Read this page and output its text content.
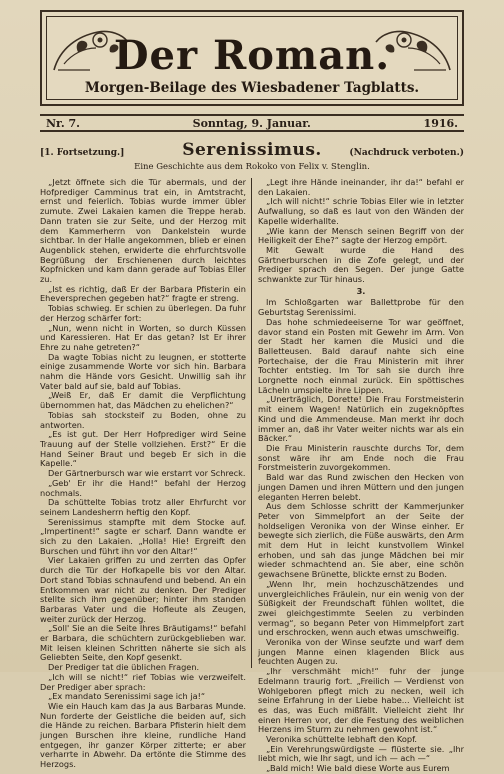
Der Roman.
Morgen-Beilage des Wiesbadener Tagblatts.
Nr. 7.	Sonntag, 9. Januar.	1916.
[1. Fortsetzung.]	(Nachdruck verboten.)
Serenissimus.
Eine Geschichte aus dem Rokoko von Felix v. Stenglin.

„Jetzt öffnete sich die Tür abermals, und der Hofprediger Camminus trat ein, in Amtstracht, ernst und feierlich. Tobias wurde immer übler zumute. Zwei Lakaien kamen die Treppe herab. Dann traten sie zur Seite, und der Herzog mit dem Kammerherrn von Dankelstein wurde sichtbar. In der Halle angekommen, blieb er einen Augenblick stehen, erwiderte die ehrfurchtsvolle Begrüßung der Erschienenen durch leichtes Kopfnicken und kam dann gerade auf Tobias Eller zu.

„Ist es richtig, daß Er der Barbara Pfisterin ein Eheversprechen gegeben hat?“ fragte er streng.

Tobias schwieg. Er schien zu überlegen. Da fuhr der Herzog schärfer fort:

„Nun, wenn nicht in Worten, so durch Küssen und Karessieren. Hat Er das getan? Ist Er ihrer Ehre zu nahe getreten?“

Da wagte Tobias nicht zu leugnen, er stotterte einige zusammende Worte vor sich hin. Barbara nahm die Hände vors Gesicht. Unwillig sah ihr Vater bald auf sie, bald auf Tobias.

„Weiß Er, daß Er damit die Verpflichtung übernommen hat, das Mädchen zu ehelichen?“

Tobias sah stocksteif zu Boden, ohne zu antworten.

„Es ist gut. Der Herr Hofprediger wird Seine Trauung auf der Stelle vollziehen. Erst?“ Er die Hand Seiner Braut und begeb Er sich in die Kapelle.“

Der Gärtnerbursch war wie erstarrt vor Schreck.

„Geb' Er ihr die Hand!“ befahl der Herzog nochmals.

Da schüttelte Tobias trotz aller Ehrfurcht vor seinem Landesherrn heftig den Kopf.

Serenissimus stampfte mit dem Stocke auf. „Impertinent!“ sagte er scharf. Dann wandte er sich zu den Lakaien. „Holla! Hie! Ergreift den Burschen und führt ihn vor den Altar!“

Vier Lakaien griffen zu und zerrten das Opfer durch die Tür der Hofkapelle bis vor den Altar. Dort stand Tobias schnaufend und bebend. An ein Entkommen war nicht zu denken. Der Prediger stellte sich ihm gegenüber; hinter ihm standen Barbaras Vater und die Hofleute als Zeugen, weiter zurück der Herzog.

„Soll' Sie an die Seite Ihres Bräutigams!“ befahl er Barbara, die schüchtern zurückgeblieben war. Mit leisen kleinen Schritten näherte sie sich als Geliebten Seite, den Kopf gesenkt.

Der Prediger tat die üblichen Fragen.

„Ich will se nicht!“ rief Tobias wie verzweifelt. Der Prediger aber sprach:

„Ex mandato Serenissimi sage ich ja!“

Wie ein Hauch kam das Ja aus Barbaras Munde. Nun forderte der Geistliche die beiden auf, sich die Hände zu reichen. Barbara Pfisterin hielt dem jungen Burschen ihre kleine, rundliche Hand entgegen, ihr ganzer Körper zitterte; er aber verharrte in Abwehr. Da ertönte die Stimme des Herzogs.

„Legt ihre Hände ineinander, ihr da!“ befahl er den Lakaien.

„Ich will nicht!“ schrie Tobias Eller wie in letzter Aufwallung, so daß es laut von den Wänden der Kapelle widerhallte.

„Wie kann der Mensch seinen Begriff von der Heiligkeit der Ehe?“ sagte der Herzog empört.

Mit Gewalt wurde die Hand des Gärtnerburschen in die Zofe gelegt, und der Prediger sprach den Segen. Der junge Gatte schwankte zur Tür hinaus.

3.

Im Schloßgarten war Ballettprobe für den Geburtstag Serenissimi.

Das hohe schmiedeeiserne Tor war geöffnet, davor stand ein Posten mit Gewehr im Arm. Von der Stadt her kamen die Musici und die Balletteusen. Bald darauf nahte sich eine Portechaise, der die Frau Ministerin mit ihrer Tochter entstieg. Im Tor sah sie durch ihre Lorgnette noch einmal zurück. Ein spöttisches Lächeln umspielte ihre Lippen.

„Unerträglich, Dorette! Die Frau Forstmeisterin mit einem Wagen! Natürlich ein zugeknöpftes Kind und die Ammendeuse. Man merkt ihr doch immer an, daß ihr Vater weiter nichts war als ein Bäcker.“

Die Frau Ministerin rauschte durchs Tor, dem sonst wäre ihr am Ende noch die Frau Forstmeisterin zuvorgekommen.

Bald war das Rund zwischen den Hecken von jungen Damen und ihren Müttern und den jungen eleganten Herren belebt.

Aus dem Schlosse schritt der Kammerjunker Peter von Simmelpfort an der Seite der holdseligen Veronika von der Winse einher. Er bewegte sich zierlich, die Füße auswärts, den Arm mit dem Hut in leicht kunstvollem Winkel erhoben, und sah das junge Mädchen bei mir wieder schmachtend an. Sie aber, eine schön gewachsene Brünette, blickte ernst zu Boden.

„Wenn Ihr, mein hochzuschätzendes und unvergleichliches Fräulein, nur ein wenig von der Süßigkeit der Freundschaft fühlen wolltet, die zwei gleichgestimmte Seelen zu verbinden vermag“, so begann Peter von Himmelpfort zart und erschrocken, wenn auch etwas umschweifig.

Veronika von der Winse seufzte und warf dem jungen Manne einen klagenden Blick aus feuchten Augen zu.

„Ihr verschmäht mich!“ fuhr der junge Edelmann traurig fort. „Freilich — Verdienst von Wohlgeboren pflegt mich zu necken, weil ich seine Erfahrung in der Liebe habe... Vielleicht ist es das, was Euch mißfällt. Vielleicht zieht Ihr einen Herren vor, der die Festung des weiblichen Herzens im Sturm zu nehmen gewohnt ist.“

Veronika schüttelte lebhaft den Kopf.

„Ein Verehrungswürdigste — flüsterte sie. „Ihr liebt mich, wie Ihr sagt, und ich — ach —“

„Bald mich! Wie bald diese Worte aus Eurem
